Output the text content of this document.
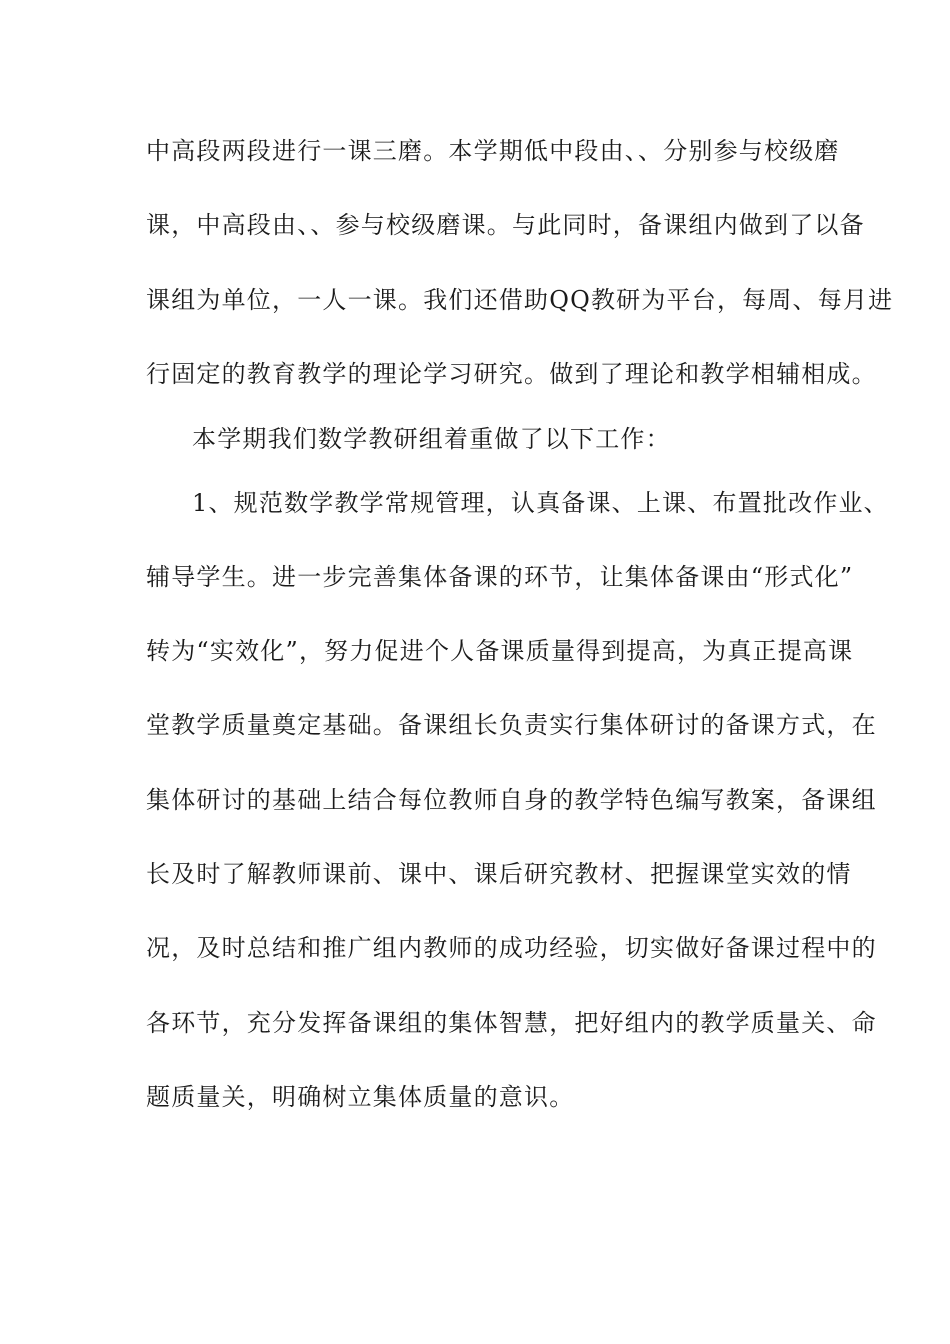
中高段两段进行一课三磨。本学期低中段由、、分别参与校级磨
课，中高段由、、参与校级磨课。与此同时，备课组内做到了以备
课组为单位，一人一课。我们还借助QQ教研为平台，每周、每月进
行固定的教育教学的理论学习研究。做到了理论和教学相辅相成。
本学期我们数学教研组着重做了以下工作：
1、规范数学教学常规管理，认真备课、上课、布置批改作业、
辅导学生。进一步完善集体备课的环节，让集体备课由“形式化”
转为“实效化”，努力促进个人备课质量得到提高，为真正提高课
堂教学质量奠定基础。备课组长负责实行集体研讨的备课方式，在
集体研讨的基础上结合每位教师自身的教学特色编写教案，备课组
长及时了解教师课前、课中、课后研究教材、把握课堂实效的情
况，及时总结和推广组内教师的成功经验，切实做好备课过程中的
各环节，充分发挥备课组的集体智慧，把好组内的教学质量关、命
题质量关，明确树立集体质量的意识。
